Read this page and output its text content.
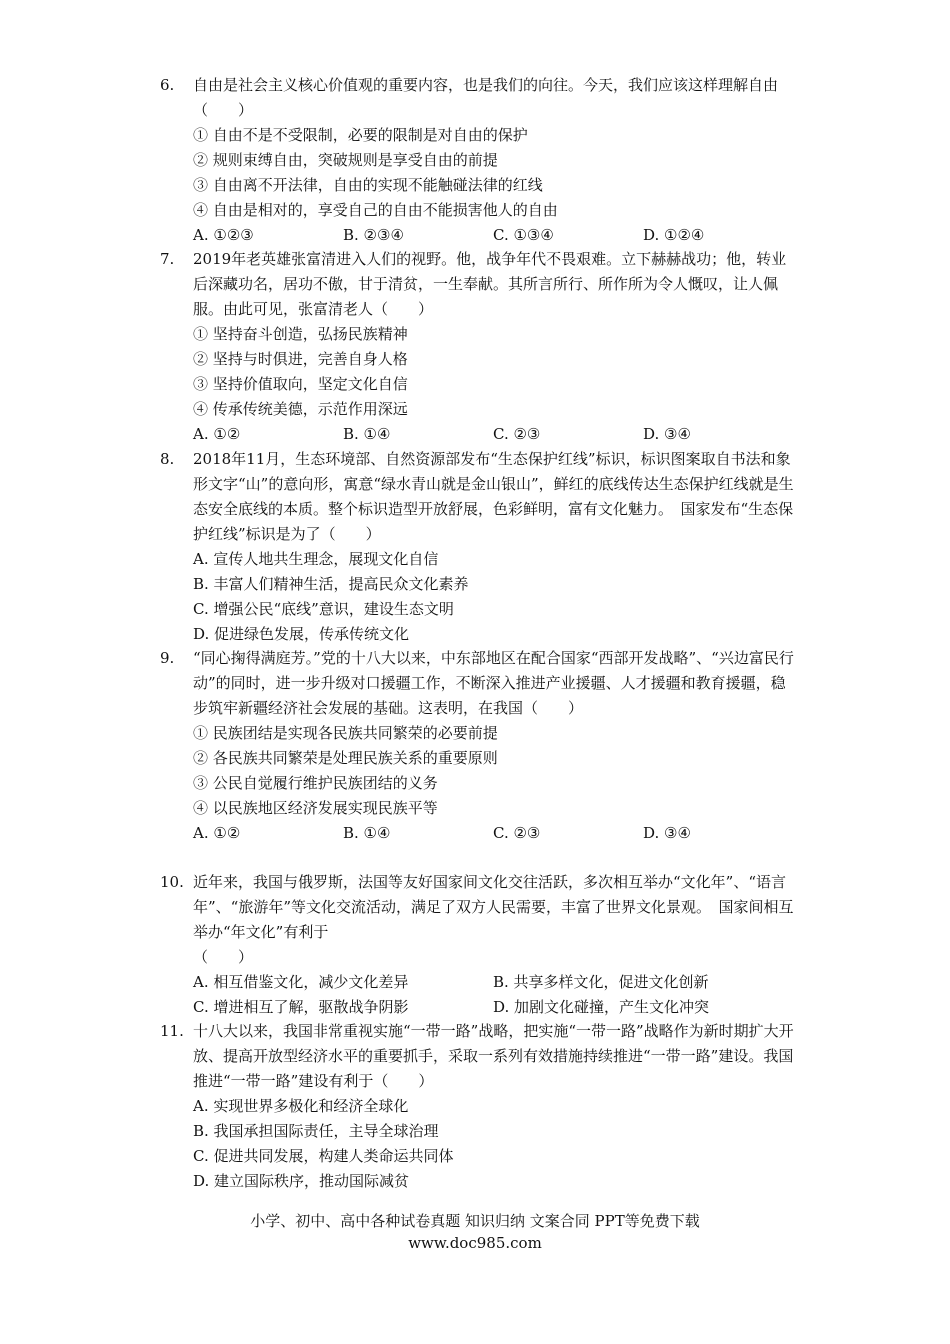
6. 自由是社会主义核心价值观的重要内容，也是我们的向往。今天，我们应该这样理解自由（　　）

① 自由不是不受限制，必要的限制是对自由的保护

② 规则束缚自由，突破规则是享受自由的前提

③ 自由离不开法律，自由的实现不能触碰法律的红线

④ 自由是相对的，享受自己的自由不能损害他人的自由

A. ①②③	B. ②③④	C. ①③④	D. ①②④
7. 2019年老英雄张富清进入人们的视野。他，战争年代不畏艰难。立下赫赫战功；他，转业后深藏功名，居功不傲，甘于清贫，一生奉献。其所言所行、所作所为令人慨叹，让人佩服。由此可见，张富清老人（　　）

① 坚持奋斗创造，弘扬民族精神

② 坚持与时俱进，完善自身人格

③ 坚持价值取向，坚定文化自信

④ 传承传统美德，示范作用深远

A. ①②	B. ①④	C. ②③	D. ③④
8. 2018年11月，生态环境部、自然资源部发布“生态保护红线”标识，标识图案取自书法和象形文字“山”的意向形，寓意“绿水青山就是金山银山”，鲜红的底线传达生态保护红线就是生态安全底线的本质。整个标识造型开放舒展，色彩鲜明，富有文化魅力。　国家发布“生态保护红线”标识是为了（　　）

A. 宣传人地共生理念，展现文化自信

B. 丰富人们精神生活，提高民众文化素养

C. 增强公民“底线”意识，建设生态文明

D. 促进绿色发展，传承传统文化

9. “同心掬得满庭芳。”党的十八大以来，中东部地区在配合国家“西部开发战略”、“兴边富民行动”的同时，进一步升级对口援疆工作，不断深入推进产业援疆、人才援疆和教育援疆，稳步筑牢新疆经济社会发展的基础。这表明，在我国（　　）

① 民族团结是实现各民族共同繁荣的必要前提

② 各民族共同繁荣是处理民族关系的重要原则

③ 公民自觉履行维护民族团结的义务

④ 以民族地区经济发展实现民族平等

A. ①②	B. ①④	C. ②③	D. ③④
10. 近年来，我国与俄罗斯，法国等友好国家间文化交往活跃，多次相互举办“文化年”、“语言年”、“旅游年”等文化交流活动，满足了双方人民需要，丰富了世界文化景观。　国家间相互举办“年文化”有利于

（　　）

A. 相互借鉴文化，减少文化差异	B. 共享多样文化，促进文化创新
C. 增进相互了解，驱散战争阴影	D. 加剧文化碰撞，产生文化冲突
11. 十八大以来，我国非常重视实施“一带一路”战略，把实施“一带一路”战略作为新时期扩大开放、提高开放型经济水平的重要抓手，采取一系列有效措施持续推进“一带一路”建设。我国推进“一带一路”建设有利于（　　）

A. 实现世界多极化和经济全球化

B. 我国承担国际责任，主导全球治理

C. 促进共同发展，构建人类命运共同体

D. 建立国际秩序，推动国际减贫

小学、初中、高中各种试卷真题 知识归纳 文案合同 PPT等免费下载
www.doc985.com
